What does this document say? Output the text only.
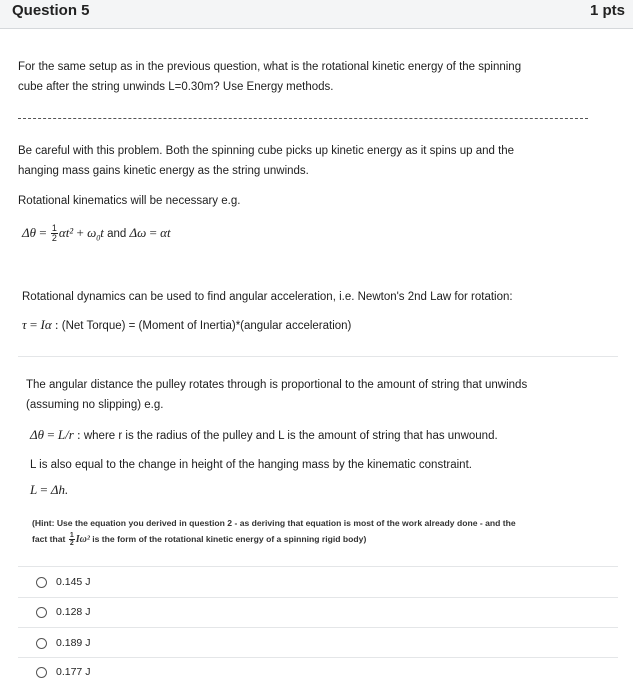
Question 5	1 pts
For the same setup as in the previous question, what is the rotational kinetic energy of the spinning
cube after the string unwinds L=0.30m? Use Energy methods.
Be careful with this problem. Both the spinning cube picks up kinetic energy as it spins up and the
hanging mass gains kinetic energy as the string unwinds.
Rotational kinematics will be necessary e.g.
$\Delta\theta = \frac{1}{2} \alpha t^2 + \omega_0t$ and Δω = αt
Rotational dynamics can be used to find angular acceleration, i.e. Newton's 2nd Law for rotation:
τ = Iα : (Net Torque) = (Moment of Inertia)*(angular acceleration)
The angular distance the pulley rotates through is proportional to the amount of string that unwinds
(assuming no slipping) e.g.
Δθ = L/r : where r is the radius of the pulley and L is the amount of string that has unwound.
L is also equal to the change in height of the hanging mass by the kinematic constraint.
L = Δh.
(Hint: Use the equation you derived in question 2 - as deriving that equation is most of the work already done - and the
fact that $\frac{1}{2} I\omega^2$ is the form of the rotational kinetic energy of a spinning rigid body)
0.145 J
0.128 J
0.189 J
0.177 J
